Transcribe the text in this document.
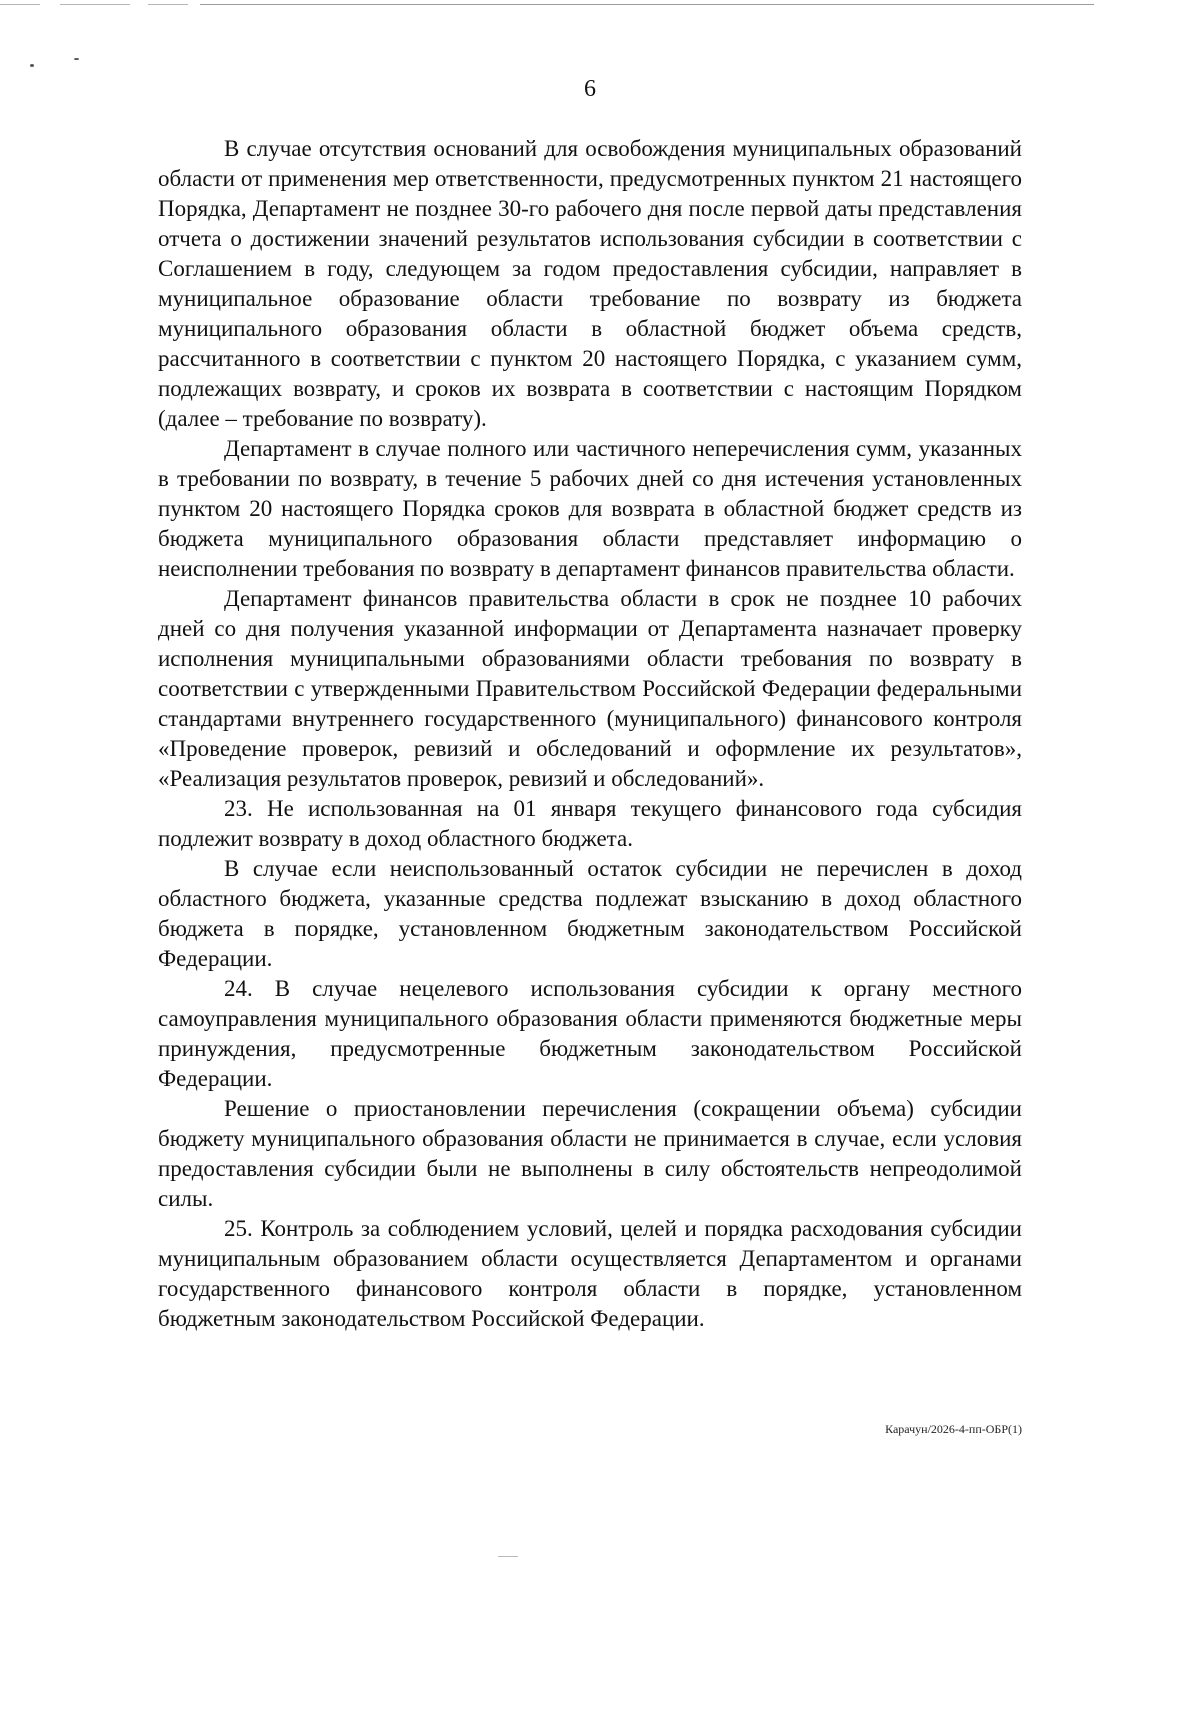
6

В случае отсутствия оснований для освобождения муниципальных образований области от применения мер ответственности, предусмотренных пунктом 21 настоящего Порядка, Департамент не позднее 30-го рабочего дня после первой даты представления отчета о достижении значений результатов использования субсидии в соответствии с Соглашением в году, следующем за годом предоставления субсидии, направляет в муниципальное образование области требование по возврату из бюджета муниципального образования области в областной бюджет объема средств, рассчитанного в соответствии с пунктом 20 настоящего Порядка, с указанием сумм, подлежащих возврату, и сроков их возврата в соответствии с настоящим Порядком (далее – требование по возврату).

Департамент в случае полного или частичного неперечисления сумм, указанных в требовании по возврату, в течение 5 рабочих дней со дня истечения установленных пунктом 20 настоящего Порядка сроков для возврата в областной бюджет средств из бюджета муниципального образования области представляет информацию о неисполнении требования по возврату в департамент финансов правительства области.

Департамент финансов правительства области в срок не позднее 10 рабочих дней со дня получения указанной информации от Департамента назначает проверку исполнения муниципальными образованиями области требования по возврату в соответствии с утвержденными Правительством Российской Федерации федеральными стандартами внутреннего государственного (муниципального) финансового контроля «Проведение проверок, ревизий и обследований и оформление их результатов», «Реализация результатов проверок, ревизий и обследований».

23. Не использованная на 01 января текущего финансового года субсидия подлежит возврату в доход областного бюджета.

В случае если неиспользованный остаток субсидии не перечислен в доход областного бюджета, указанные средства подлежат взысканию в доход областного бюджета в порядке, установленном бюджетным законодательством Российской Федерации.

24. В случае нецелевого использования субсидии к органу местного самоуправления муниципального образования области применяются бюджетные меры принуждения, предусмотренные бюджетным законодательством Российской Федерации.

Решение о приостановлении перечисления (сокращении объема) субсидии бюджету муниципального образования области не принимается в случае, если условия предоставления субсидии были не выполнены в силу обстоятельств непреодолимой силы.

25. Контроль за соблюдением условий, целей и порядка расходования субсидии муниципальным образованием области осуществляется Департаментом и органами государственного финансового контроля области в порядке, установленном бюджетным законодательством Российской Федерации.

Карачун/2026-4-пп-ОБР(1)
